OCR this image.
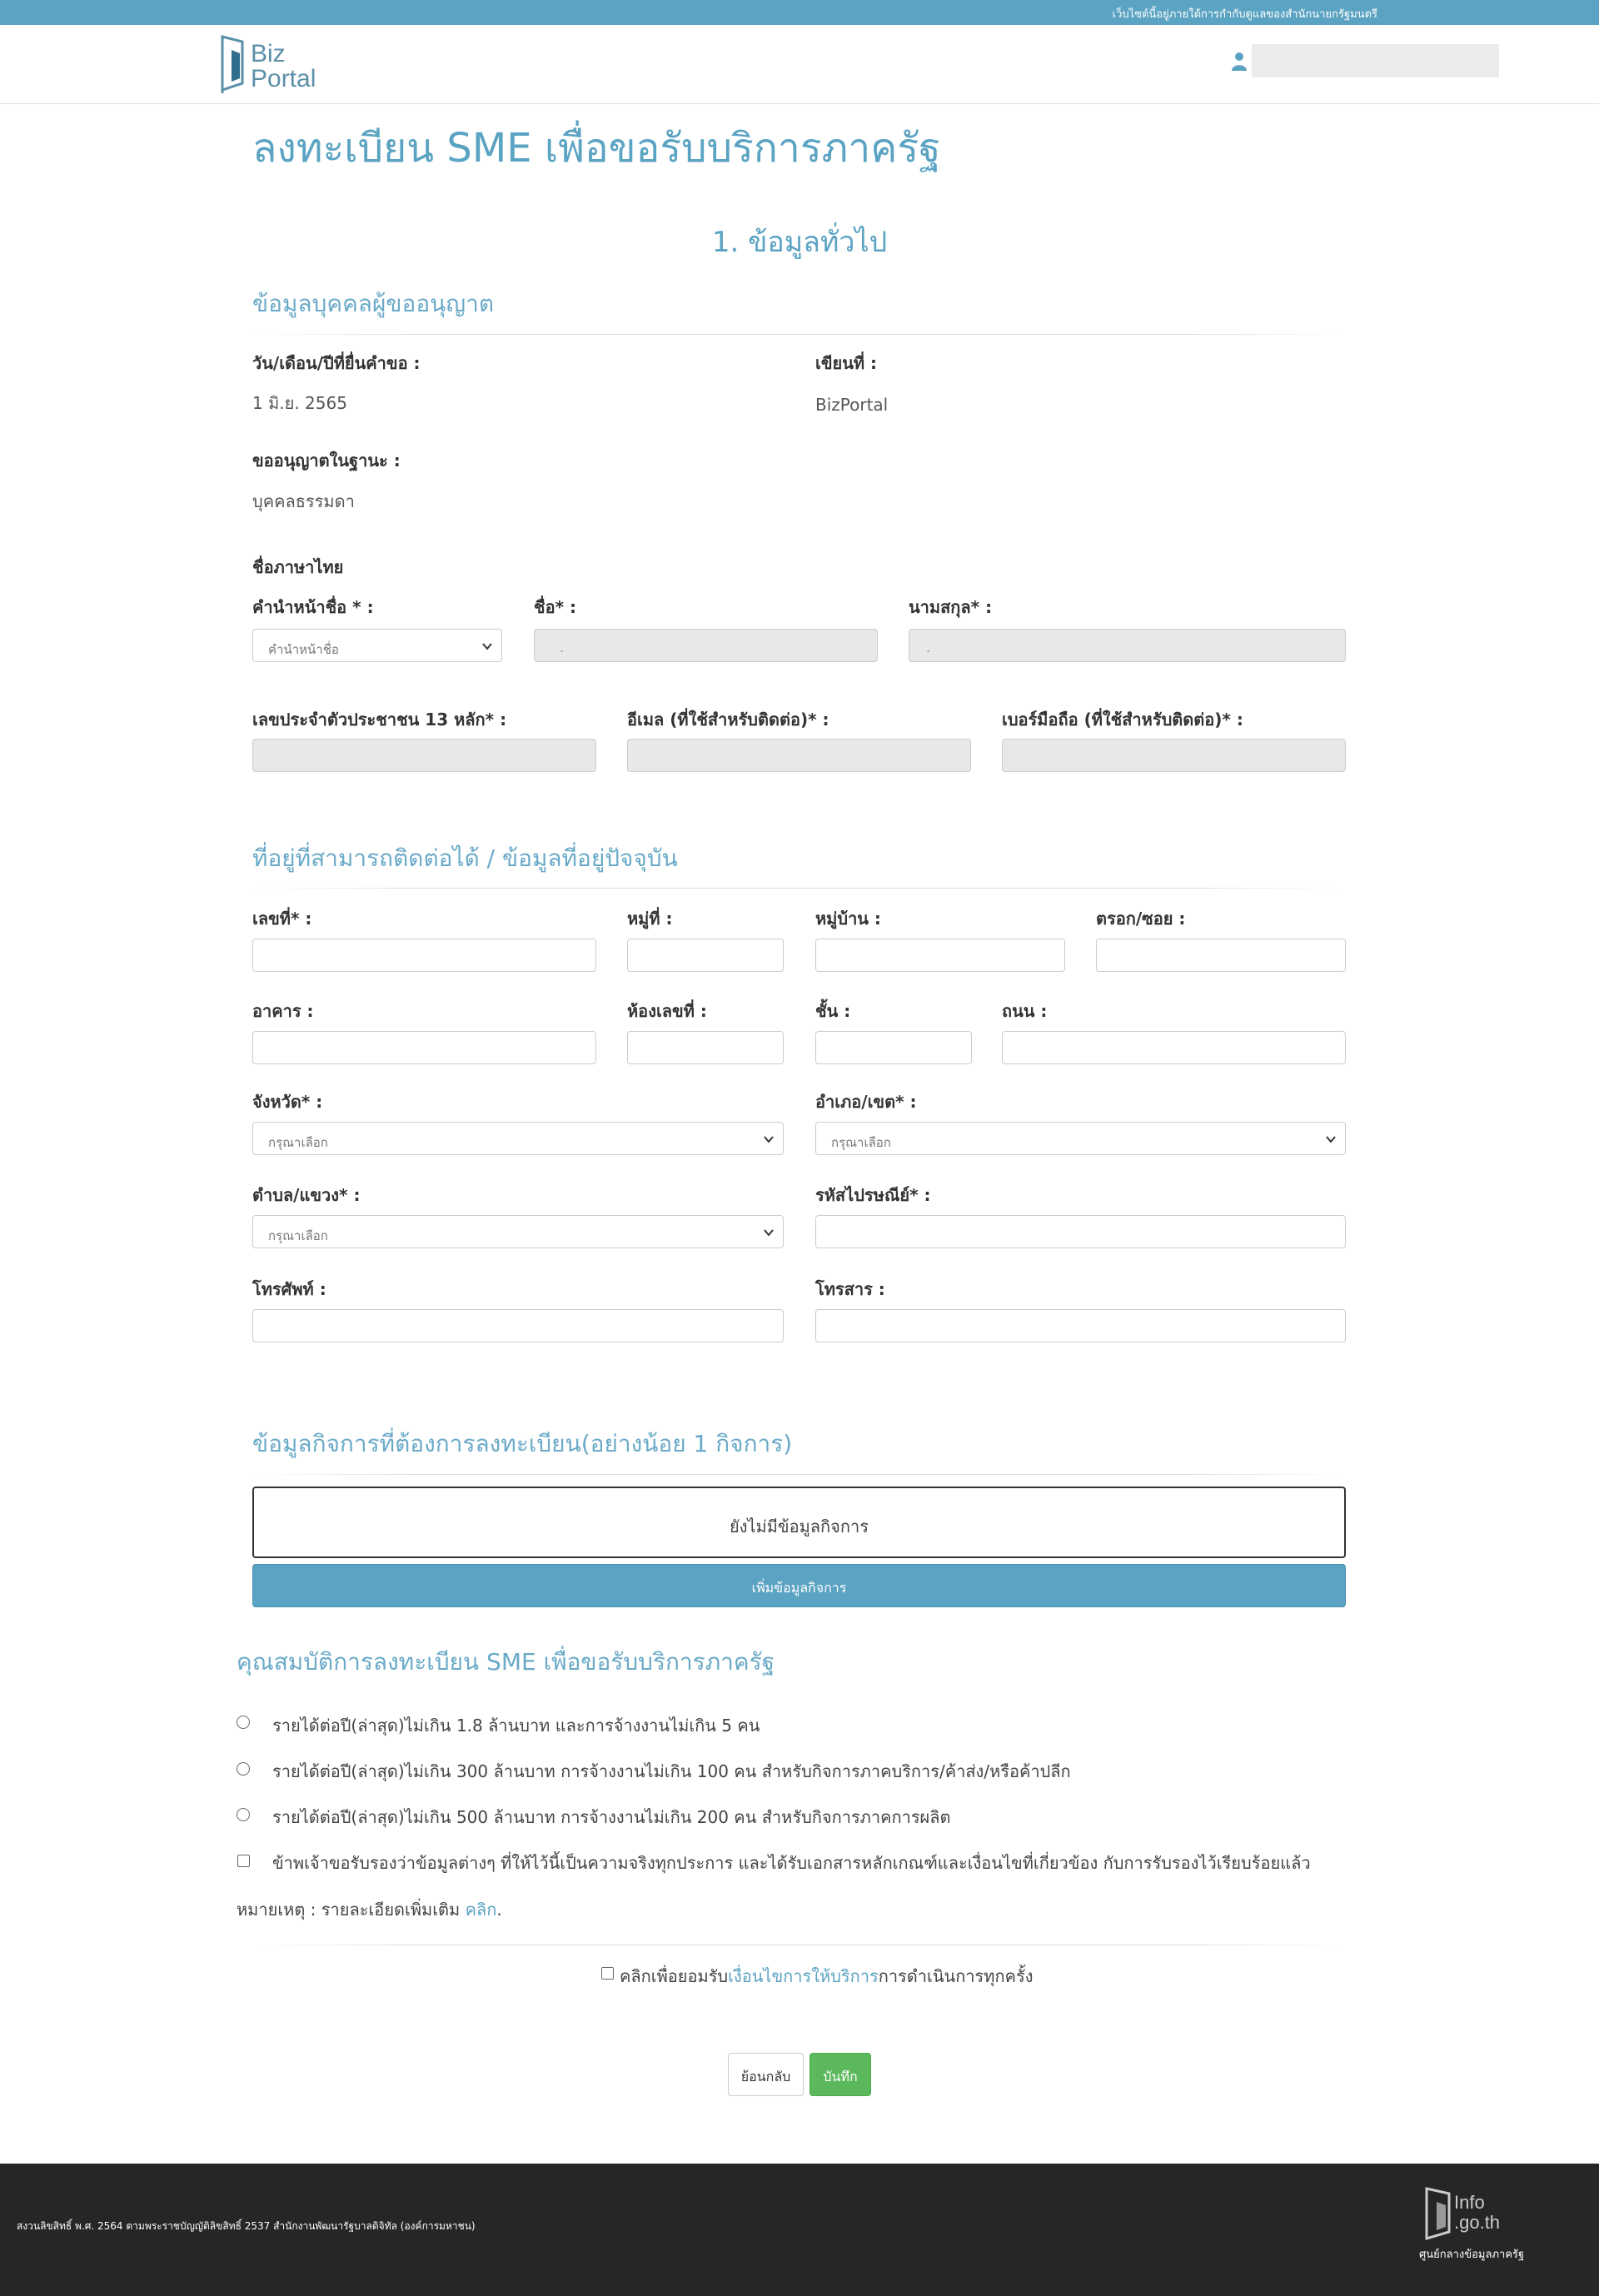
เว็บไซต์นี้อยู่ภายใต้การกำกับดูแลของสำนักนายกรัฐมนตรี
Biz
Portal
ลงทะเบียน SME เพื่อขอรับบริการภาครัฐ
1. ข้อมูลทั่วไป
ข้อมูลบุคคลผู้ขออนุญาต
วัน/เดือน/ปีที่ยื่นคำขอ :
1 มิ.ย. 2565
เขียนที่ :
BizPortal
ขออนุญาตในฐานะ :
บุคคลธรรมดา
ชื่อภาษาไทย
คำนำหน้าชื่อ * :
คำนำหน้าชื่อ
ชื่อ* :
.
นามสกุล* :
.
เลขประจำตัวประชาชน 13 หลัก* :	อีเมล (ที่ใช้สำหรับติดต่อ)* :	เบอร์มือถือ (ที่ใช้สำหรับติดต่อ)* :
ที่อยู่ที่สามารถติดต่อได้ / ข้อมูลที่อยู่ปัจจุบัน
เลขที่* :	หมู่ที่ :	หมู่บ้าน :	ตรอก/ซอย :
อาคาร :	ห้องเลขที่ :	ชั้น :	ถนน :
จังหวัด* :
กรุณาเลือก
อำเภอ/เขต* :
กรุณาเลือก
ตำบล/แขวง* :
กรุณาเลือก
รหัสไปรษณีย์* :
โทรศัพท์ :	โทรสาร :
ข้อมูลกิจการที่ต้องการลงทะเบียน(อย่างน้อย 1 กิจการ)
ยังไม่มีข้อมูลกิจการ
เพิ่มข้อมูลกิจการ
คุณสมบัติการลงทะเบียน SME เพื่อขอรับบริการภาครัฐ
รายได้ต่อปี(ล่าสุด)ไม่เกิน 1.8 ล้านบาท และการจ้างงานไม่เกิน 5 คน
รายได้ต่อปี(ล่าสุด)ไม่เกิน 300 ล้านบาท การจ้างงานไม่เกิน 100 คน สำหรับกิจการภาคบริการ/ค้าส่ง/หรือค้าปลีก
รายได้ต่อปี(ล่าสุด)ไม่เกิน 500 ล้านบาท การจ้างงานไม่เกิน 200 คน สำหรับกิจการภาคการผลิต
ข้าพเจ้าขอรับรองว่าข้อมูลต่างๆ ที่ให้ไว้นี้เป็นความจริงทุกประการ และได้รับเอกสารหลักเกณฑ์และเงื่อนไขที่เกี่ยวข้อง กับการรับรองไว้เรียบร้อยแล้ว
หมายเหตุ : รายละเอียดเพิ่มเติม คลิก.
คลิกเพื่อยอมรับเงื่อนไขการให้บริการการดำเนินการทุกครั้ง
ย้อนกลับ	บันทึก
สงวนลิขสิทธิ์ พ.ศ. 2564 ตามพระราชบัญญัติลิขสิทธิ์ 2537 สำนักงานพัฒนารัฐบาลดิจิทัล (องค์การมหาชน)
Info
.go.th
ศูนย์กลางข้อมูลภาครัฐ
